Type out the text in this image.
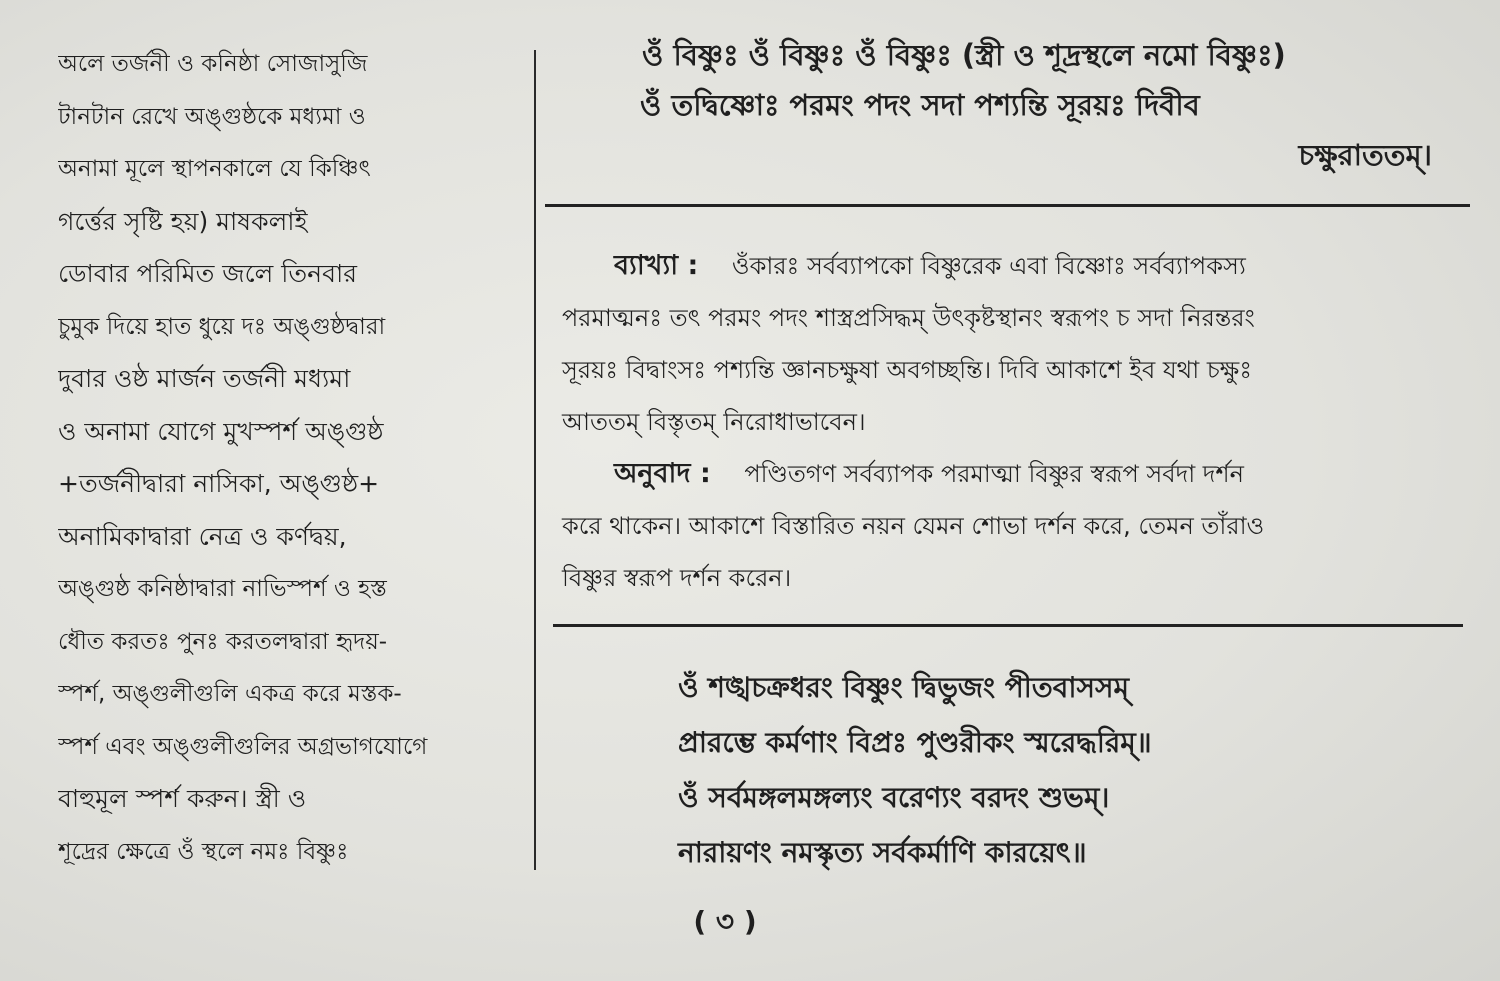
অলে তর্জনী ও কনিষ্ঠা সোজাসুজি
টানটান রেখে অঙ্গুষ্ঠকে মধ্যমা ও
অনামা মূলে স্থাপনকালে যে কিঞ্চিৎ
গর্ত্তের সৃষ্টি হয়) মাষকলাই
ডোবার পরিমিত জলে তিনবার
চুমুক দিয়ে হাত ধুয়ে দঃ অঙ্গুষ্ঠদ্বারা
দুবার ওষ্ঠ মার্জন তর্জনী মধ্যমা
ও অনামা যোগে মুখস্পর্শ অঙ্গুষ্ঠ
+তর্জনীদ্বারা নাসিকা, অঙ্গুষ্ঠ+
অনামিকাদ্বারা নেত্র ও কর্ণদ্বয়,
অঙ্গুষ্ঠ কনিষ্ঠাদ্বারা নাভিস্পর্শ ও হস্ত
ধৌত করতঃ পুনঃ করতলদ্বারা হৃদয়-
স্পর্শ, অঙ্গুলীগুলি একত্র করে মস্তক-
স্পর্শ এবং অঙ্গুলীগুলির অগ্রভাগযোগে
বাহুমূল স্পর্শ করুন। স্ত্রী ও
শূদ্রের ক্ষেত্রে ওঁ স্থলে নমঃ বিষ্ণুঃ
ওঁ বিষ্ণুঃ ওঁ বিষ্ণুঃ ওঁ বিষ্ণুঃ (স্ত্রী ও শূদ্রস্থলে নমো বিষ্ণুঃ)
ওঁ তদ্বিষ্ণোঃ পরমং পদং সদা পশ্যন্তি সূরয়ঃ দিবীব
চক্ষুরাততম্।
ব্যাখ্যা : ওঁকারঃ সর্বব্যাপকো বিষ্ণুরেক এবা বিষ্ণোঃ সর্বব্যাপকস্য
পরমাত্মনঃ তৎ পরমং পদং শাস্ত্রপ্রসিদ্ধম্ উৎকৃষ্টস্থানং স্বরূপং চ সদা নিরন্তরং
সূরয়ঃ বিদ্বাংসঃ পশ্যন্তি জ্ঞানচক্ষুষা অবগচ্ছন্তি। দিবি আকাশে ইব যথা চক্ষুঃ
আততম্ বিস্তৃতম্ নিরোধাভাবেন।
অনুবাদ : পণ্ডিতগণ সর্বব্যাপক পরমাত্মা বিষ্ণুর স্বরূপ সর্বদা দর্শন
করে থাকেন। আকাশে বিস্তারিত নয়ন যেমন শোভা দর্শন করে, তেমন তাঁরাও
বিষ্ণুর স্বরূপ দর্শন করেন।
ওঁ শঙ্খচক্রধরং বিষ্ণুং দ্বিভুজং পীতবাসসম্
প্রারম্ভে কর্মণাং বিপ্রঃ পুণ্ডরীকং স্মরেদ্ধরিম্॥
ওঁ সর্বমঙ্গলমঙ্গল্যং বরেণ্যং বরদং শুভম্।
নারায়ণং নমস্কৃত্য সর্বকর্মাণি কারয়েৎ॥
( ৩ )
